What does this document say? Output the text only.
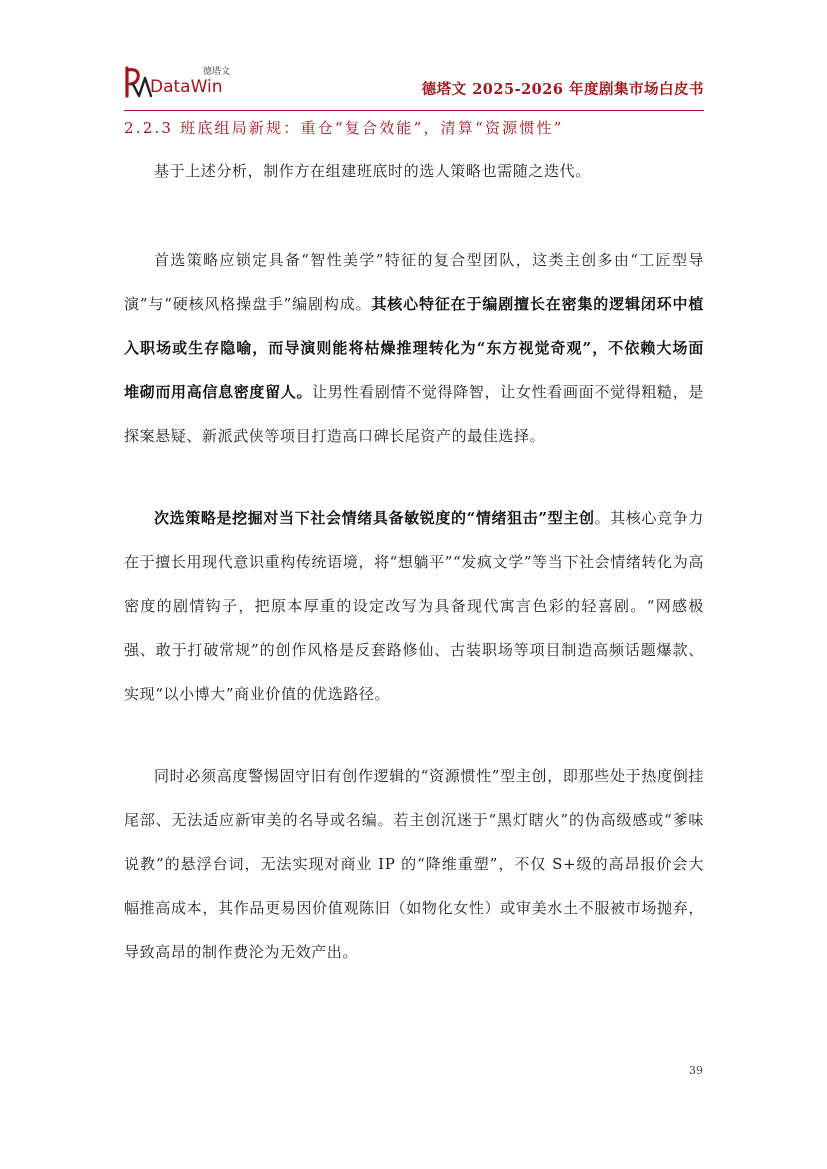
德塔文
DataWin	德塔文 2025-2026 年度剧集市场白皮书
2.2.3 班底组局新规：重仓“复合效能”，清算“资源惯性”

基于上述分析，制作方在组建班底时的选人策略也需随之迭代。

首选策略应锁定具备“智性美学”特征的复合型团队，这类主创多由“工匠型导演”与“硬核风格操盘手”编剧构成。其核心特征在于编剧擅长在密集的逻辑闭环中植入职场或生存隐喻，而导演则能将枯燥推理转化为“东方视觉奇观”，不依赖大场面堆砌而用高信息密度留人。让男性看剧情不觉得降智，让女性看画面不觉得粗糙，是探案悬疑、新派武侠等项目打造高口碑长尾资产的最佳选择。

次选策略是挖掘对当下社会情绪具备敏锐度的“情绪狙击”型主创。其核心竞争力在于擅长用现代意识重构传统语境，将“想躺平”“发疯文学”等当下社会情绪转化为高密度的剧情钩子，把原本厚重的设定改写为具备现代寓言色彩的轻喜剧。“网感极强、敢于打破常规”的创作风格是反套路修仙、古装职场等项目制造高频话题爆款、实现“以小博大”商业价值的优选路径。

同时必须高度警惕固守旧有创作逻辑的“资源惯性”型主创，即那些处于热度倒挂尾部、无法适应新审美的名导或名编。若主创沉迷于“黑灯瞎火”的伪高级感或“爹味说教”的悬浮台词，无法实现对商业 IP 的“降维重塑”，不仅 S+级的高昂报价会大幅推高成本，其作品更易因价值观陈旧（如物化女性）或审美水土不服被市场抛弃，导致高昂的制作费沦为无效产出。

39
